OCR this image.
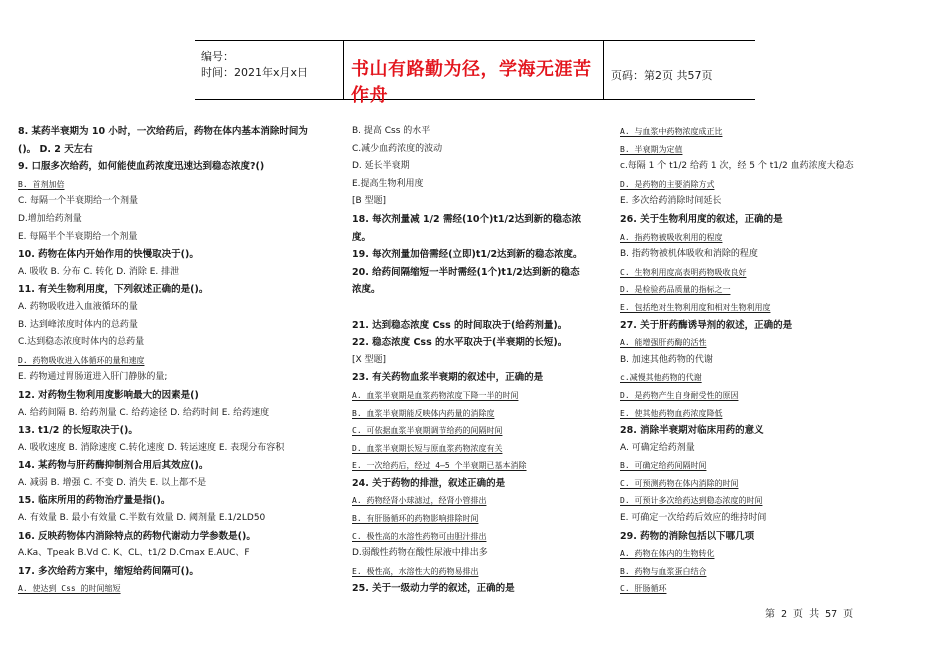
编号：
时间：2021年x月x日 书山有路勤为径，学海无涯苦作舟
页码：第2页 共57页
8. 某药半衰期为 10 小时，一次给药后，药物在体内基本消除时间为
()。 D. 2 天左右
9. 口服多次给药，如何能使血药浓度迅速达到稳态浓度?()
B. 首剂加倍
C. 每隔一个半衰期给一个剂量
D.增加给药剂量
E. 每隔半个半衰期给一个剂量
10. 药物在体内开始作用的快慢取决于()。
A. 吸收 B. 分布 C. 转化 D. 消除 E. 排泄
11. 有关生物利用度，下列叙述正确的是()。
A. 药物吸收进入血液循环的量
B. 达到峰浓度时体内的总药量
C.达到稳态浓度时体内的总药量
D. 药物吸收进入体循环的量和速度
E. 药物通过胃肠道进入肝门静脉的量;
12. 对药物生物利用度影响最大的因素是()
A. 给药间隔 B. 给药剂量 C. 给药途径 D. 给药时间 E. 给药速度
13. t1/2 的长短取决于()。
A. 吸收速度 B. 消除速度 C.转化速度 D. 转运速度 E. 表现分布容积
14. 某药物与肝药酶抑制剂合用后其效应()。
A. 减弱 B. 增强 C. 不变 D. 消失 E. 以上都不是
15. 临床所用的药物治疗量是指()。
A. 有效量 B. 最小有效量 C.半数有效量 D. 阈剂量 E.1/2LD50
16. 反映药物体内消除特点的药物代谢动力学参数是()。
A.Ka、Tpeak B.Vd C. K、CL、t1/2 D.Cmax E.AUC、F
17. 多次给药方案中，缩短给药间隔可()。
A. 使达到 Css 的时间缩短
B. 提高 Css 的水平
C.减少血药浓度的波动
D. 延长半衰期
E.提高生物利用度
[B 型题]
18. 每次剂量减 1/2 需经(10个)t1/2达到新的稳态浓
度。
19. 每次剂量加倍需经(立即)t1/2达到新的稳态浓度。
20. 给药间隔缩短一半时需经(1个)t1/2达到新的稳态
浓度。
21. 达到稳态浓度 Css 的时间取决于(给药剂量)。
22. 稳态浓度 Css 的水平取决于(半衰期的长短)。
[X 型题]
23. 有关药物血浆半衰期的叙述中，正确的是
A. 血浆半衰期是血浆药物浓度下降一半的时间
B. 血浆半衰期能反映体内药量的消除度
C. 可依据血浆半衰期调节给药的间隔时间
D. 血浆半衰期长短与原血浆药物浓度有关
E. 一次给药后，经过 4—5 个半衰期已基本消除
24. 关于药物的排泄，叙述正确的是
A. 药物经肾小球滤过，经肾小管排出
B. 有肝肠循环的药物影响排除时间
C. 极性高的水溶性药物可由胆汁排出
D.弱酸性药物在酸性尿液中排出多
E. 极性高，水溶性大的药物易排出
25. 关于一级动力学的叙述，正确的是
A. 与血浆中药物浓度成正比
B. 半衰期为定值
c.每隔 1 个 t1/2 给药 1 次，经 5 个 t1/2 血药浓度大稳态
D. 是药物的主要消除方式
E. 多次给药消除时间延长
26. 关于生物利用度的叙述，正确的是
A. 指药物被吸收利用的程度
B. 指药物被机体吸收和消除的程度
C. 生物利用度高表明药物吸收良好
D. 是检验药品质量的指标之一
E. 包括绝对生物利用度和相对生物利用度
27. 关于肝药酶诱导剂的叙述，正确的是
A. 能增强肝药酶的活性
B. 加速其他药物的代谢
c.减慢其他药物的代谢
D. 是药物产生自身耐受性的原因
E. 使其他药物血药浓度降低
28. 消除半衰期对临床用药的意义
A. 可确定给药剂量
B. 可确定给药间隔时间
C. 可预测药物在体内消除的时间
D. 可预计多次给药达到稳态浓度的时间
E. 可确定一次给药后效应的维持时间
29. 药物的消除包括以下哪几项
A. 药物在体内的生物转化
B. 药物与血浆蛋白结合
C. 肝肠循环
第 2 页 共 57 页
